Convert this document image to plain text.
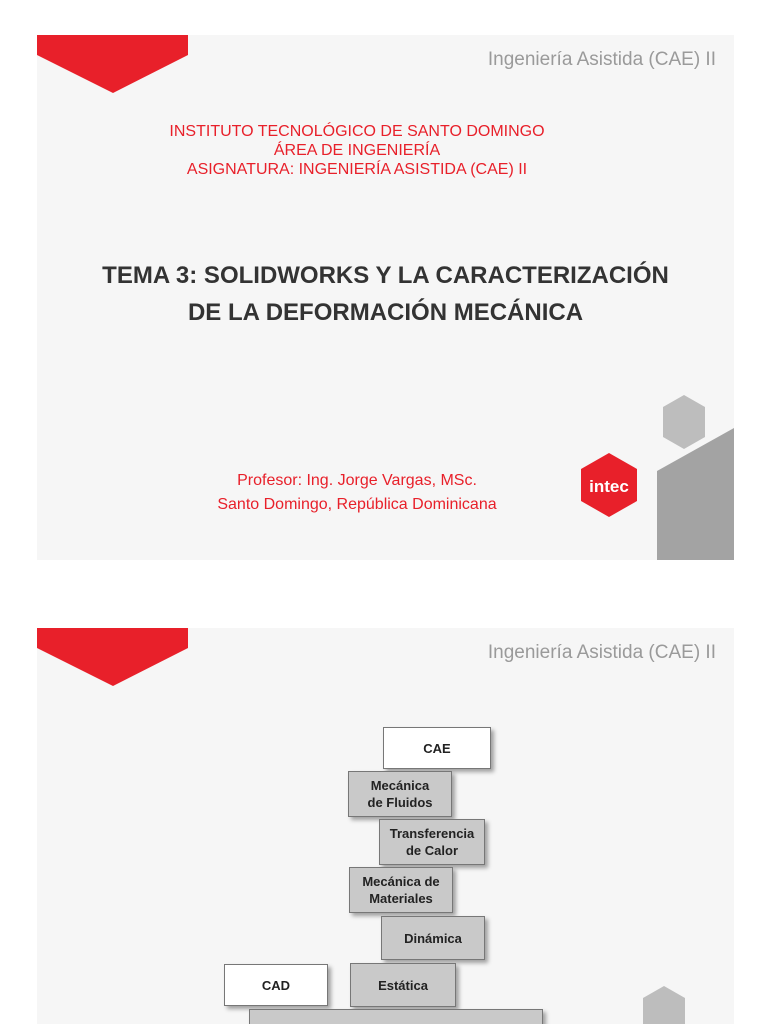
Ingeniería Asistida (CAE) II
INSTITUTO TECNOLÓGICO DE SANTO DOMINGO
ÁREA DE INGENIERÍA
ASIGNATURA: INGENIERÍA ASISTIDA (CAE) II
TEMA 3: SOLIDWORKS Y LA CARACTERIZACIÓN
DE LA DEFORMACIÓN MECÁNICA
Profesor: Ing. Jorge Vargas, MSc.
Santo Domingo, República Dominicana
intec
Ingeniería Asistida (CAE) II
CAE
Mecánica
de Fluidos
Transferencia
de Calor
Mecánica de
Materiales
Dinámica
CAD	Estática
